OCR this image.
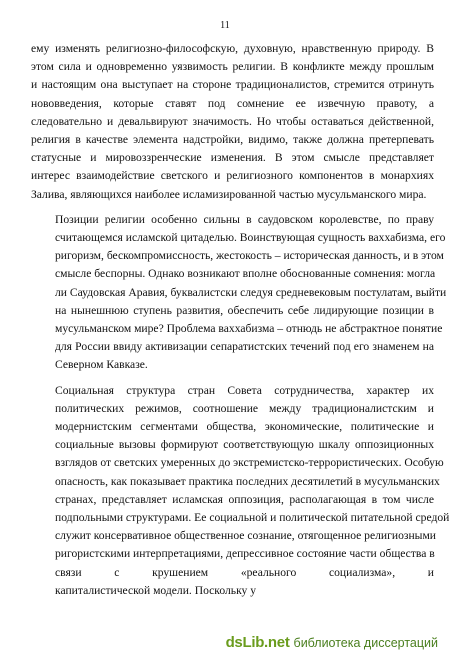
11

ему изменять религиозно-философскую, духовную, нравственную природу. В
этом сила и одновременно уязвимость религии. В конфликте между прошлым
и настоящим она выступает на стороне традиционалистов, стремится отринуть
нововведения, которые ставят под сомнение ее извечную правоту, а
следовательно и девальвируют значимость. Но чтобы оставаться действенной,
религия в качестве элемента надстройки, видимо, также должна претерпевать
статусные и мировоззренческие изменения. В этом смысле представляет
интерес взаимодействие светского и религиозного компонентов в монархиях
Залива, являющихся наиболее исламизированной частью мусульманского мира.

Позиции религии особенно сильны в саудовском королевстве, по праву
считающемся исламской цитаделью. Воинствующая сущность ваххабизма, его
ригоризм, бескомпромиссность, жестокость – историческая данность, и в этом
смысле беспорны. Однако возникают вполне обоснованные сомнения: могла
ли Саудовская Аравия, буквалистски следуя средневековым постулатам, выйти
на нынешнюю ступень развития, обеспечить себе лидирующие позиции в
мусульманском мире? Проблема ваххабизма – отнюдь не абстрактное понятие
для России ввиду активизации сепаратистских течений под его знаменем на
Северном Кавказе.

Социальная структура стран Совета сотрудничества, характер их
политических режимов, соотношение между традиционалистским и
модернистским сегментами общества, экономические, политические и
социальные вызовы формируют соответствующую шкалу оппозиционных
взглядов от светских умеренных до экстремистско-террористических. Особую
опасность, как показывает практика последних десятилетий в мусульманских
странах, представляет исламская оппозиция, располагающая в том числе
подпольными структурами. Ее социальной и политической питательной средой
служит консервативное общественное сознание, отягощенное религиозными
ригористскими интерпретациями, депрессивное состояние части общества в
связи с крушением «реального социализма», и
капиталистической модели. Поскольку у

dsLib.net библиотека диссертаций
